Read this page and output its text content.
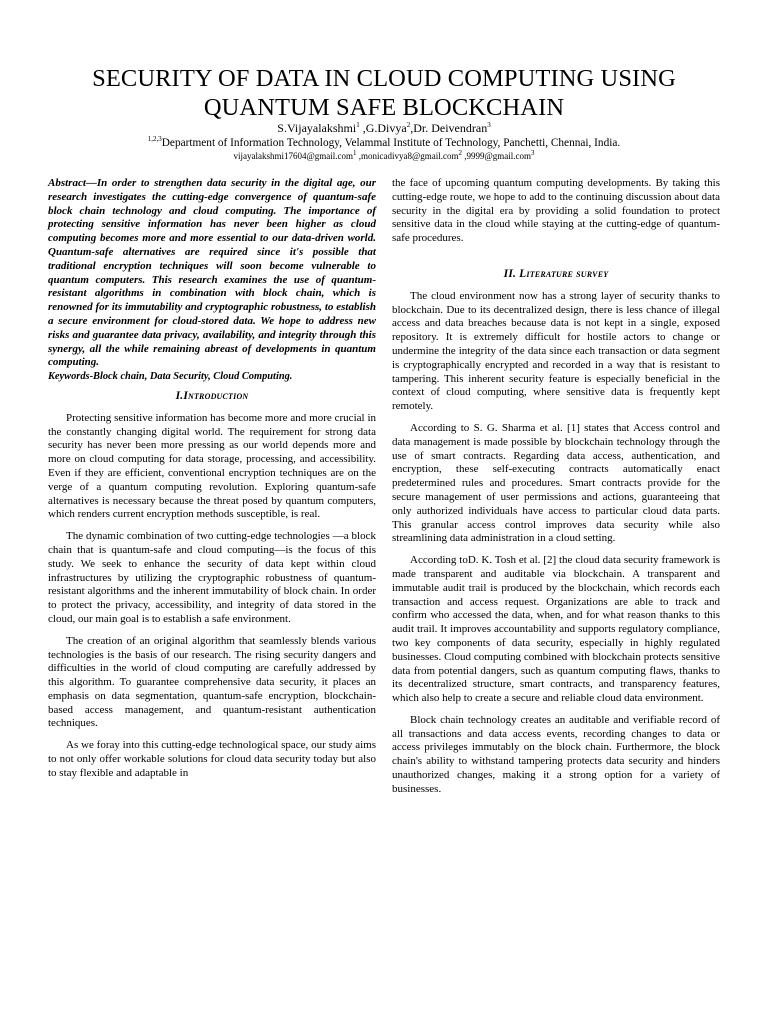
SECURITY OF DATA IN CLOUD COMPUTING USING
QUANTUM SAFE BLOCKCHAIN
S.Vijayalakshmi$^1$ ,G.Divya$^2$,Dr. Deivendran$^3$
$^{1,2,3}$Department of Information Technology, Velammal Institute of Technology, Panchetti, Chennai, India.
vijayalakshmi17604@gmail.com$^1$ ,monicadivya8@gmail.com$^2$ ,9999@gmail.com$^3$

Abstract—In order to strengthen data security in the digital age, our research investigates the cutting-edge convergence of quantum-safe block chain technology and cloud computing. The importance of protecting sensitive information has never been higher as cloud computing becomes more and more essential to our data-driven world. Quantum-safe alternatives are required since it's possible that traditional encryption techniques will soon become vulnerable to quantum computers. This research examines the use of quantum-resistant algorithms in combination with block chain, which is renowned for its immutability and cryptographic robustness, to establish a secure environment for cloud-stored data. We hope to address new risks and guarantee data privacy, availability, and integrity through this synergy, all the while remaining abreast of developments in quantum computing.

Keywords-Block chain, Data Security, Cloud Computing.

I.Introduction

Protecting sensitive information has become more and more crucial in the constantly changing digital world. The requirement for strong data security has never been more pressing as our world depends more and more on cloud computing for data storage, processing, and accessibility. Even if they are efficient, conventional encryption techniques are on the verge of a quantum computing revolution. Exploring quantum-safe alternatives is necessary because the threat posed by quantum computers, which renders current encryption methods susceptible, is real.

The dynamic combination of two cutting-edge technologies —a block chain that is quantum-safe and cloud computing—is the focus of this study. We seek to enhance the security of data kept within cloud infrastructures by utilizing the cryptographic robustness of quantum-resistant algorithms and the inherent immutability of block chain. In order to protect the privacy, accessibility, and integrity of data stored in the cloud, our main goal is to establish a safe environment.

The creation of an original algorithm that seamlessly blends various technologies is the basis of our research. The rising security dangers and difficulties in the world of cloud computing are carefully addressed by this algorithm. To guarantee comprehensive data security, it places an emphasis on data segmentation, quantum-safe encryption, blockchain-based access management, and quantum-resistant authentication techniques.

As we foray into this cutting-edge technological space, our study aims to not only offer workable solutions for cloud data security today but also to stay flexible and adaptable in

the face of upcoming quantum computing developments. By taking this cutting-edge route, we hope to add to the continuing discussion about data security in the digital era by providing a solid foundation to protect sensitive data in the cloud while staying at the cutting-edge of quantum-safe procedures.

II. Literature survey

The cloud environment now has a strong layer of security thanks to blockchain. Due to its decentralized design, there is less chance of illegal access and data breaches because data is not kept in a single, exposed repository. It is extremely difficult for hostile actors to change or undermine the integrity of the data since each transaction or data segment is cryptographically encrypted and recorded in a way that is resistant to tampering. This inherent security feature is especially beneficial in the context of cloud computing, where sensitive data is frequently kept remotely.

According to S. G. Sharma et al. [1] states that Access control and data management is made possible by blockchain technology through the use of smart contracts. Regarding data access, authentication, and encryption, these self-executing contracts automatically enact predetermined rules and procedures. Smart contracts provide for the secure management of user permissions and actions, guaranteeing that only authorized individuals have access to particular cloud data parts. This granular access control improves data security while also streamlining data administration in a cloud setting.

According toD. K. Tosh et al. [2] the cloud data security framework is made transparent and auditable via blockchain. A transparent and immutable audit trail is produced by the blockchain, which records each transaction and access request. Organizations are able to track and confirm who accessed the data, when, and for what reason thanks to this audit trail. It improves accountability and supports regulatory compliance, two key components of data security, especially in highly regulated businesses. Cloud computing combined with blockchain protects sensitive data from potential dangers, such as quantum computing flaws, thanks to its decentralized structure, smart contracts, and transparency features, which also help to create a secure and reliable cloud data environment.

Block chain technology creates an auditable and verifiable record of all transactions and data access events, recording changes to data or access privileges immutably on the block chain. Furthermore, the block chain's ability to withstand tampering protects data security and hinders unauthorized changes, making it a strong option for a variety of businesses.
